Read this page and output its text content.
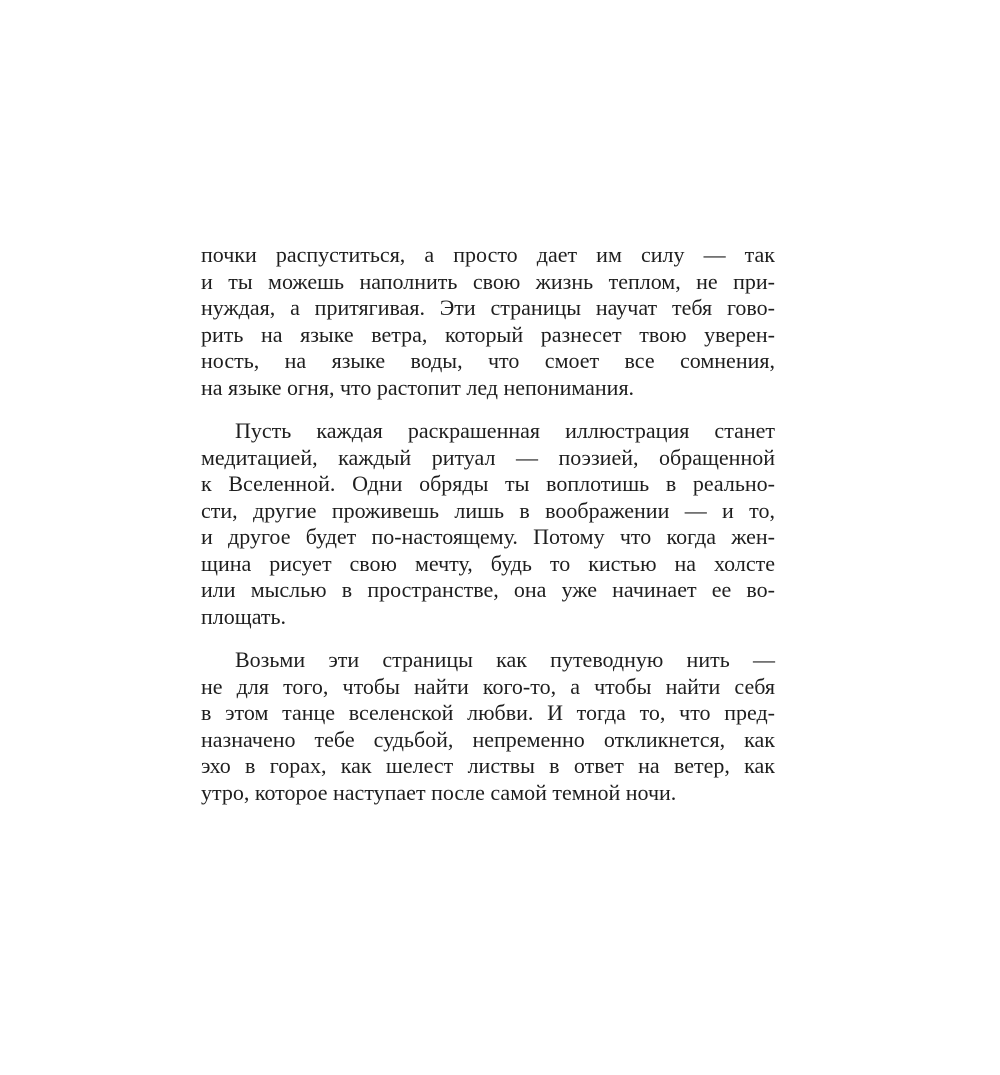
почки распуститься, а просто дает им силу — так
и ты можешь наполнить свою жизнь теплом, не при-
нуждая, а притягивая. Эти страницы научат тебя гово-
рить на языке ветра, который разнесет твою уверен-
ность, на языке воды, что смоет все сомнения,
на языке огня, что растопит лед непонимания.
Пусть каждая раскрашенная иллюстрация станет
медитацией, каждый ритуал — поэзией, обращенной
к Вселенной. Одни обряды ты воплотишь в реально-
сти, другие проживешь лишь в воображении — и то,
и другое будет по-настоящему. Потому что когда жен-
щина рисует свою мечту, будь то кистью на холсте
или мыслью в пространстве, она уже начинает ее во-
площать.
Возьми эти страницы как путеводную нить —
не для того, чтобы найти кого-то, а чтобы найти себя
в этом танце вселенской любви. И тогда то, что пред-
назначено тебе судьбой, непременно откликнется, как
эхо в горах, как шелест листвы в ответ на ветер, как
утро, которое наступает после самой темной ночи.
